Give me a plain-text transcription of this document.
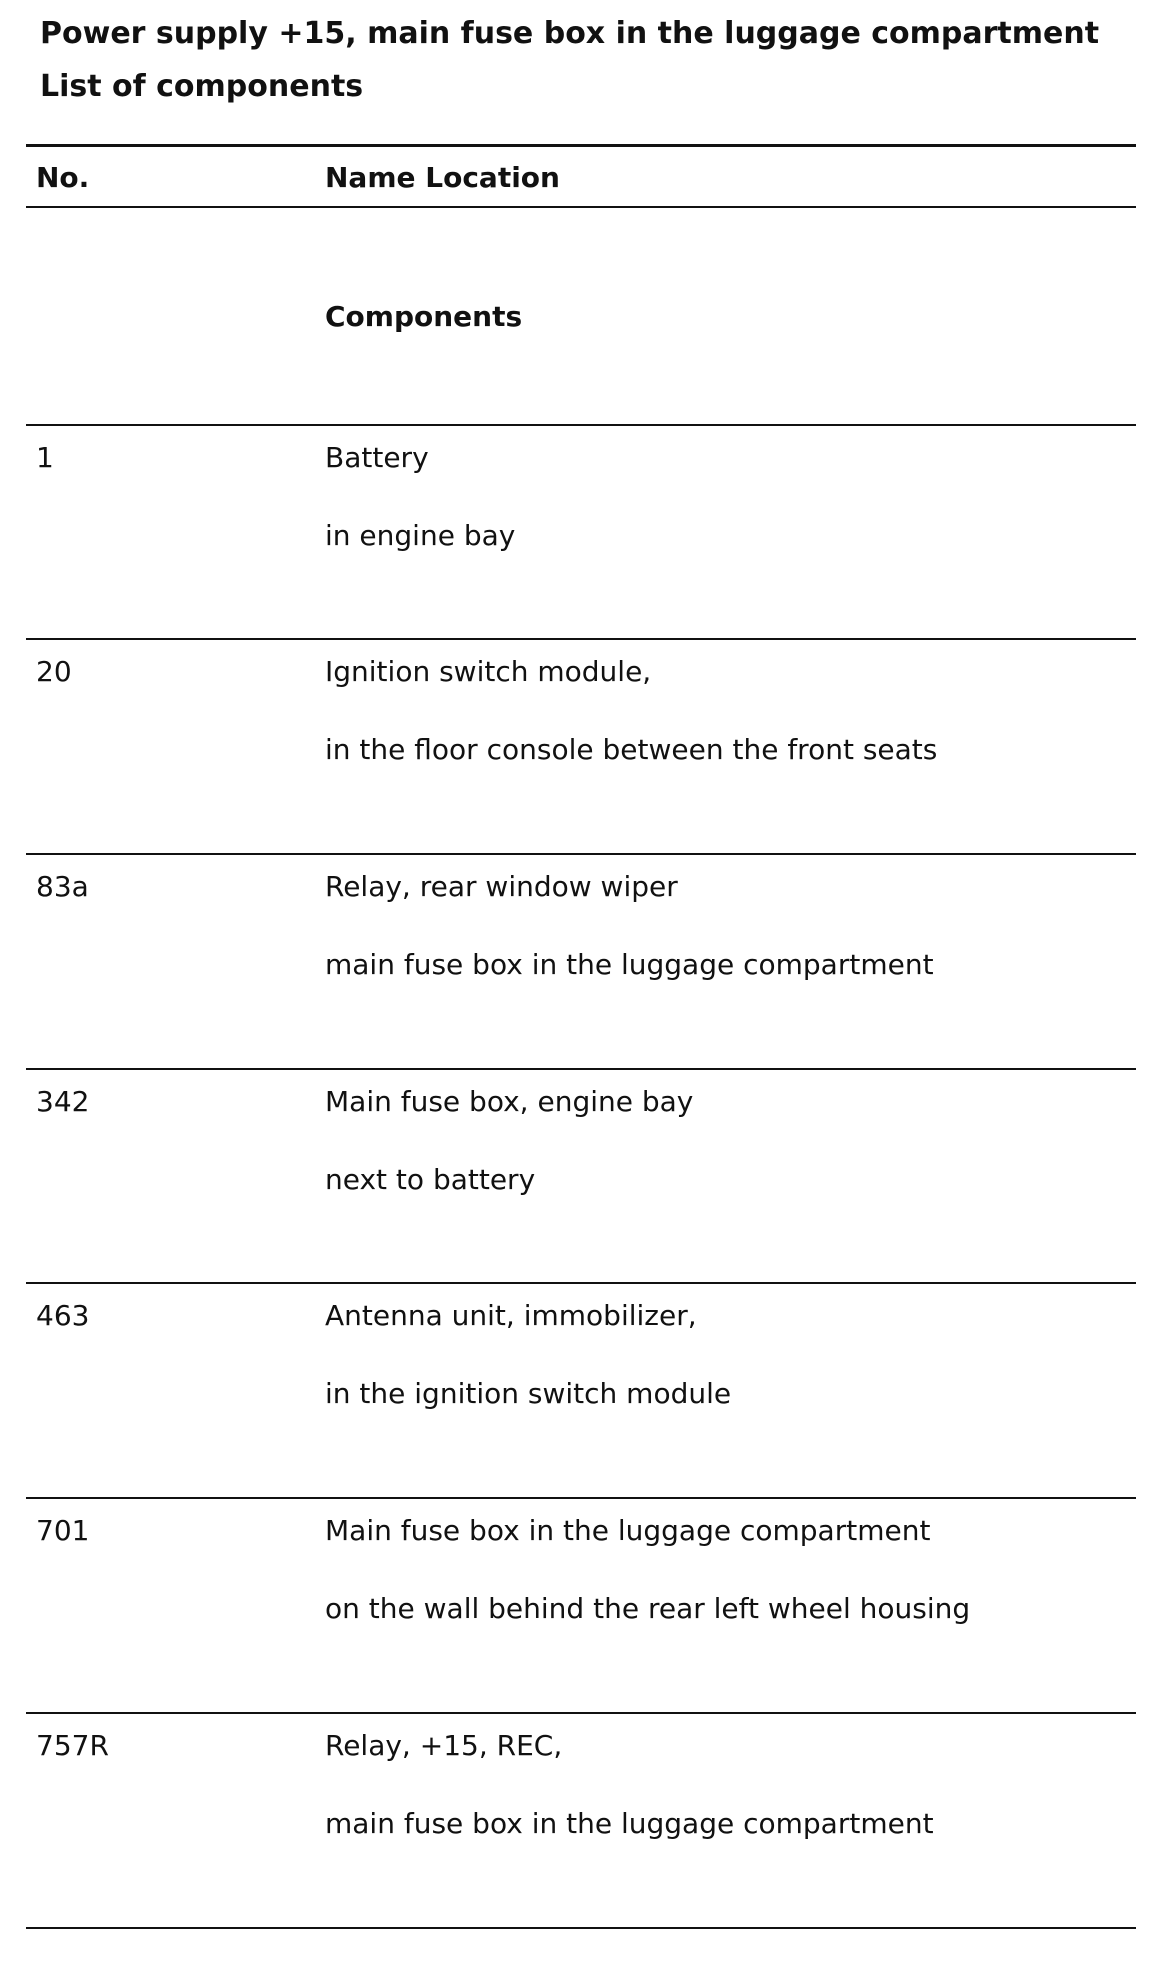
Power supply +15, main fuse box in the luggage compartment
List of components
No.	Name Location
Components
1	Battery
in engine bay
20	Ignition switch module,
in the floor console between the front seats
83a	Relay, rear window wiper
main fuse box in the luggage compartment
342	Main fuse box, engine bay
next to battery
463	Antenna unit, immobilizer,
in the ignition switch module
701	Main fuse box in the luggage compartment
on the wall behind the rear left wheel housing
757R	Relay, +15, REC,
main fuse box in the luggage compartment
